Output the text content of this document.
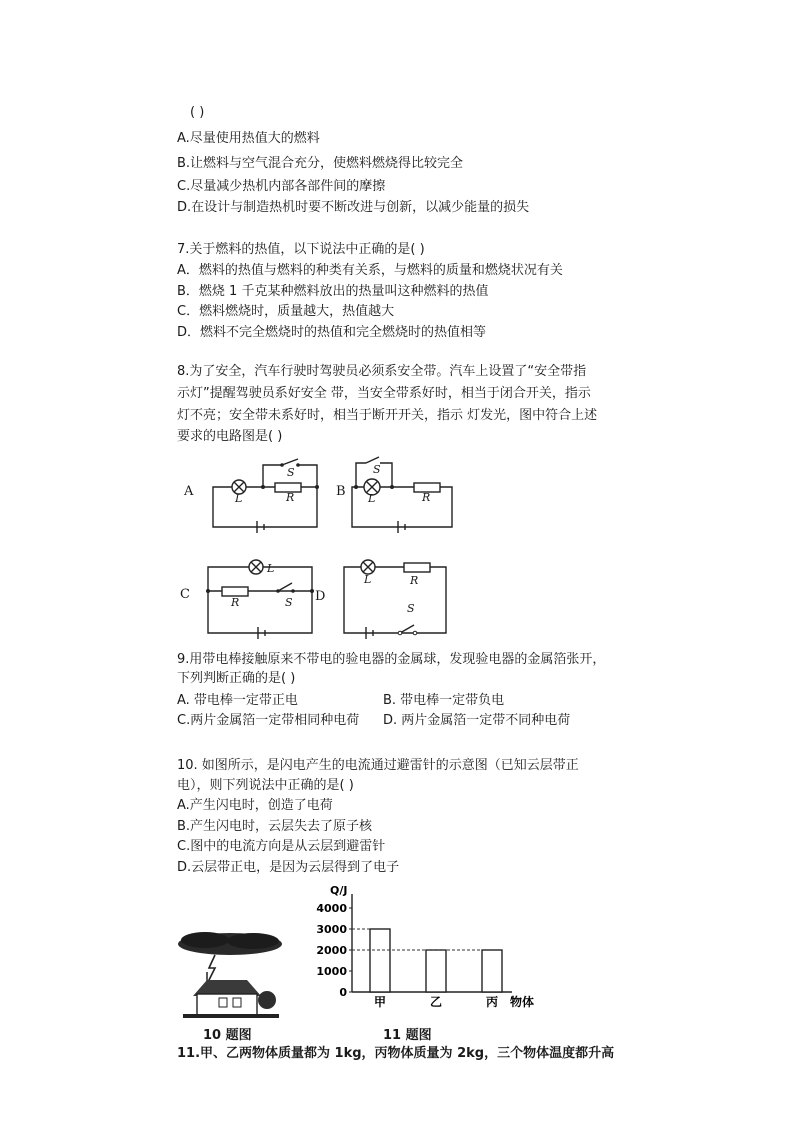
( )
A.尽量使用热值大的燃料
B.让燃料与空气混合充分，使燃料燃烧得比较完全
C.尽量减少热机内部各部件间的摩擦
D.在设计与制造热机时要不断改进与创新，以减少能量的损失
7.关于燃料的热值，以下说法中正确的是( )
A．燃料的热值与燃料的种类有关系，与燃料的质量和燃烧状况有关
B．燃烧 1 千克某种燃料放出的热量叫这种燃料的热值
C．燃料燃烧时，质量越大，热值越大
D．燃料不完全燃烧时的热值和完全燃烧时的热值相等
8.为了安全，汽车行驶时驾驶员必须系安全带。汽车上设置了“安全带指
示灯”提醒驾驶员系好安全 带，当安全带系好时，相当于闭合开关，指示
灯不亮；安全带未系好时，相当于断开开关，指示 灯发光，图中符合上述
要求的电路图是( )
A	L	R
S
B L	R
S
C
L
R	S D
L	R
S
9.用带电棒接触原来不带电的验电器的金属球，发现验电器的金属箔张开，
下列判断正确的是( )
A. 带电棒一定带正电	B. 带电棒一定带负电
C.两片金属箔一定带相同种电荷 D. 两片金属箔一定带不同种电荷
10. 如图所示，是闪电产生的电流通过避雷针的示意图（已知云层带正
电），则下列说法中正确的是( )
A.产生闪电时，创造了电荷
B.产生闪电时，云层失去了原子核
C.图中的电流方向是从云层到避雷针
D.云层带正电，是因为云层得到了电子
10 题图
Q/J
0
1000
2000
3000
4000
甲	乙	丙 物体
11 题图
11.甲、乙两物体质量都为 1kg，丙物体质量为 2kg，三个物体温度都升高
